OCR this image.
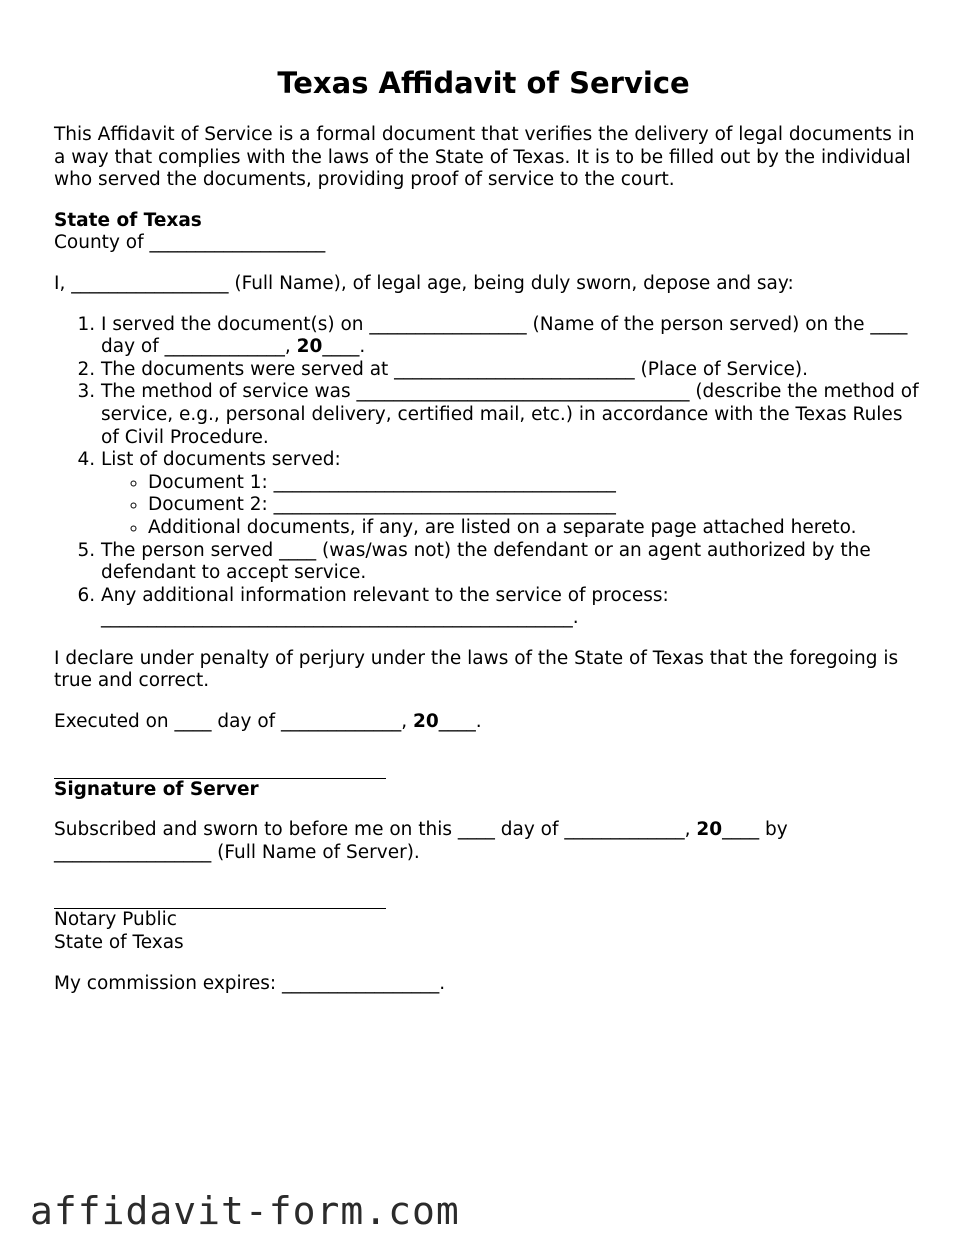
Texas Affidavit of Service

This Affidavit of Service is a formal document that verifies the delivery of legal documents in a way that complies with the laws of the State of Texas. It is to be filled out by the individual who served the documents, providing proof of service to the court.

State of Texas

County of ___________________

I, _________________ (Full Name), of legal age, being duly sworn, depose and say:

1. I served the document(s) on _________________ (Name of the person served) on the ____ day of _____________, 20____.
2. The documents were served at __________________________ (Place of Service).
3. The method of service was ____________________________________ (describe the method of service, e.g., personal delivery, certified mail, etc.) in accordance with the Texas Rules of Civil Procedure.
4. List of documents served:
◦ Document 1: _____________________________________
◦ Document 2: _____________________________________
◦ Additional documents, if any, are listed on a separate page attached hereto.
5. The person served ____ (was/was not) the defendant or an agent authorized by the defendant to accept service.
6. Any additional information relevant to the service of process: ___________________________________________________.

I declare under penalty of perjury under the laws of the State of Texas that the foregoing is true and correct.

Executed on ____ day of _____________, 20____.

Signature of Server

Subscribed and sworn to before me on this ____ day of _____________, 20____ by _________________ (Full Name of Server).

Notary Public

State of Texas

My commission expires: _________________.

affidavit-form.com
